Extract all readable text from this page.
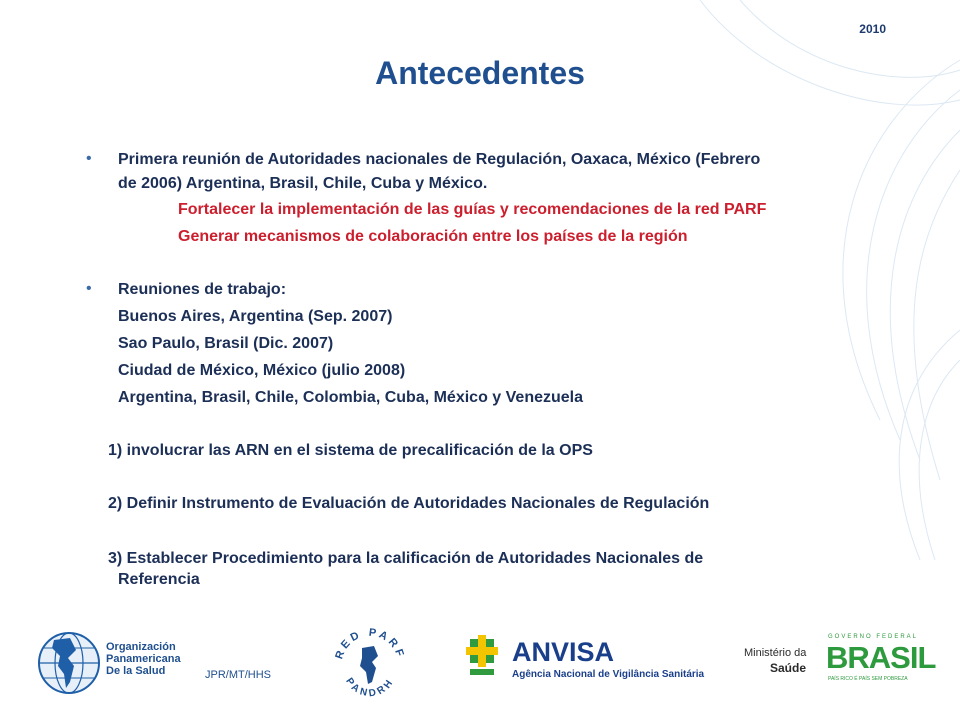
2010
Antecedentes
• Primera reunión de Autoridades nacionales de Regulación, Oaxaca, México (Febrero
de 2006) Argentina, Brasil, Chile, Cuba y México.
Fortalecer la implementación de las guías y recomendaciones de la red PARF
Generar mecanismos de colaboración entre los países de la región
• Reuniones de trabajo:
Buenos Aires, Argentina (Sep. 2007)
Sao Paulo, Brasil (Dic. 2007)
Ciudad de México, México (julio 2008)
Argentina, Brasil, Chile, Colombia, Cuba, México y Venezuela
1) involucrar las ARN en el sistema de precalificación de la OPS
2) Definir Instrumento de Evaluación de Autoridades Nacionales de Regulación
3) Establecer Procedimiento para la calificación de Autoridades Nacionales de
Referencia
Organización
Panamericana
De la Salud	JPR/MT/HHS
RED PARF
PANDRH
ANVISA
Agência Nacional de Vigilância Sanitária
Ministério da
Saúde
GOVERNO FEDERAL
BRASIL
PAÍS RICO É PAÍS SEM POBREZA
